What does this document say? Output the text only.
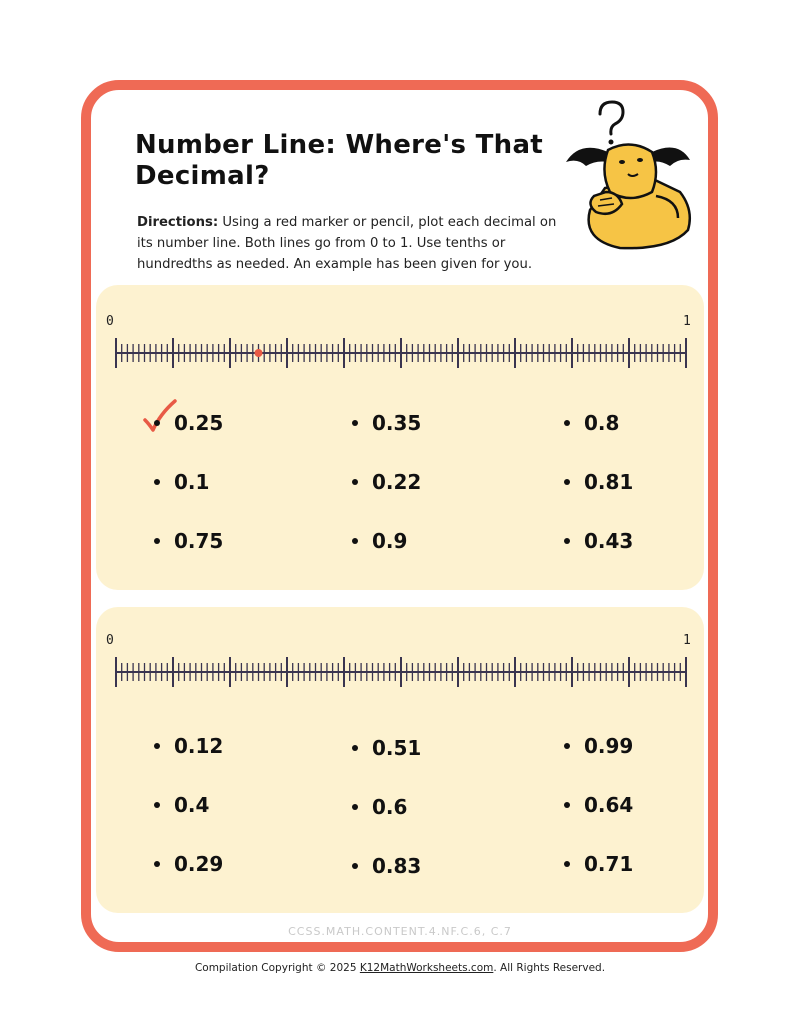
Number Line: Where's That Decimal?

Directions: Using a red marker or pencil, plot each decimal on its number line. Both lines go from 0 to 1. Use tenths or hundredths as needed. An example has been given for you.

0	1
0	1
0.25	0.35	0.8
0.1	0.22	0.81
0.75	0.9	0.43
0.12	0.51	0.99
0.4	0.6	0.64
0.29	0.83	0.71
CCSS.MATH.CONTENT.4.NF.C.6, C.7
Compilation Copyright © 2025 K12MathWorksheets.com. All Rights Reserved.
